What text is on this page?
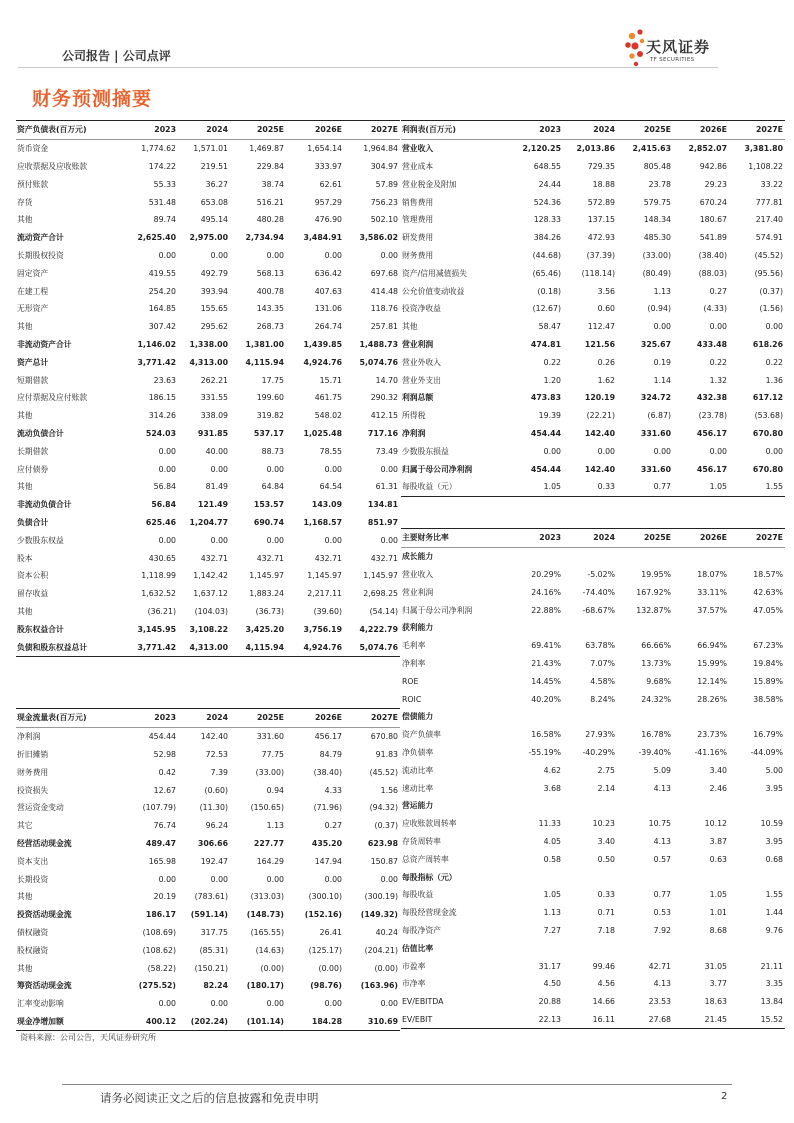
公司报告 | 公司点评	天风证券
TF SECURITIES
财务预测摘要
资产负债表(百万元)	2023	2024	2025E	2026E	2027E
货币资金	1,774.62	1,571.01	1,469.87	1,654.14	1,964.84
应收票据及应收账款	174.22	219.51	229.84	333.97	304.97
预付账款	55.33	36.27	38.74	62.61	57.89
存货	531.48	653.08	516.21	957.29	756.23
其他	89.74	495.14	480.28	476.90	502.10
流动资产合计	2,625.40	2,975.00	2,734.94	3,484.91	3,586.02
长期股权投资	0.00	0.00	0.00	0.00	0.00
固定资产	419.55	492.79	568.13	636.42	697.68
在建工程	254.20	393.94	400.78	407.63	414.48
无形资产	164.85	155.65	143.35	131.06	118.76
其他	307.42	295.62	268.73	264.74	257.81
非流动资产合计	1,146.02	1,338.00	1,381.00	1,439.85	1,488.73
资产总计	3,771.42	4,313.00	4,115.94	4,924.76	5,074.76
短期借款	23.63	262.21	17.75	15.71	14.70
应付票据及应付账款	186.15	331.55	199.60	461.75	290.32
其他	314.26	338.09	319.82	548.02	412.15
流动负债合计	524.03	931.85	537.17	1,025.48	717.16
长期借款	0.00	40.00	88.73	78.55	73.49
应付债券	0.00	0.00	0.00	0.00	0.00
其他	56.84	81.49	64.84	64.54	61.31
非流动负债合计	56.84	121.49	153.57	143.09	134.81
负债合计	625.46	1,204.77	690.74	1,168.57	851.97
少数股东权益	0.00	0.00	0.00	0.00	0.00
股本	430.65	432.71	432.71	432.71	432.71
资本公积	1,118.99	1,142.42	1,145.97	1,145.97	1,145.97
留存收益	1,632.52	1,637.12	1,883.24	2,217.11	2,698.25
其他	(36.21)	(104.03)	(36.73)	(39.60)	(54.14)
股东权益合计	3,145.95	3,108.22	3,425.20	3,756.19	4,222.79
负债和股东权益总计	3,771.42	4,313.00	4,115.94	4,924.76	5,074.76
现金流量表(百万元)	2023	2024	2025E	2026E	2027E
净利润	454.44	142.40	331.60	456.17	670.80
折旧摊销	52.98	72.53	77.75	84.79	91.83
财务费用	0.42	7.39	(33.00)	(38.40)	(45.52)
投资损失	12.67	(0.60)	0.94	4.33	1.56
营运资金变动	(107.79)	(11.30)	(150.65)	(71.96)	(94.32)
其它	76.74	96.24	1.13	0.27	(0.37)
经营活动现金流	489.47	306.66	227.77	435.20	623.98
资本支出	165.98	192.47	164.29	147.94	150.87
长期投资	0.00	0.00	0.00	0.00	0.00
其他	20.19	(783.61)	(313.03)	(300.10)	(300.19)
投资活动现金流	186.17	(591.14)	(148.73)	(152.16)	(149.32)
债权融资	(108.69)	317.75	(165.55)	26.41	40.24
股权融资	(108.62)	(85.31)	(14.63)	(125.17)	(204.21)
其他	(58.22)	(150.21)	(0.00)	(0.00)	(0.00)
筹资活动现金流	(275.52)	82.24	(180.17)	(98.76)	(163.96)
汇率变动影响	0.00	0.00	0.00	0.00	0.00
现金净增加额	400.12	(202.24)	(101.14)	184.28	310.69
利润表(百万元)	2023	2024	2025E	2026E	2027E
营业收入	2,120.25	2,013.86	2,415.63	2,852.07	3,381.80
营业成本	648.55	729.35	805.48	942.86	1,108.22
营业税金及附加	24.44	18.88	23.78	29.23	33.22
销售费用	524.36	572.89	579.75	670.24	777.81
管理费用	128.33	137.15	148.34	180.67	217.40
研发费用	384.26	472.93	485.30	541.89	574.91
财务费用	(44.68)	(37.39)	(33.00)	(38.40)	(45.52)
资产/信用减值损失	(65.46)	(118.14)	(80.49)	(88.03)	(95.56)
公允价值变动收益	(0.18)	3.56	1.13	0.27	(0.37)
投资净收益	(12.67)	0.60	(0.94)	(4.33)	(1.56)
其他	58.47	112.47	0.00	0.00	0.00
营业利润	474.81	121.56	325.67	433.48	618.26
营业外收入	0.22	0.26	0.19	0.22	0.22
营业外支出	1.20	1.62	1.14	1.32	1.36
利润总额	473.83	120.19	324.72	432.38	617.12
所得税	19.39	(22.21)	(6.87)	(23.78)	(53.68)
净利润	454.44	142.40	331.60	456.17	670.80
少数股东损益	0.00	0.00	0.00	0.00	0.00
归属于母公司净利润	454.44	142.40	331.60	456.17	670.80
每股收益（元）	1.05	0.33	0.77	1.05	1.55
主要财务比率	2023	2024	2025E	2026E	2027E
成长能力					
营业收入	20.29%	-5.02%	19.95%	18.07%	18.57%
营业利润	24.16%	-74.40%	167.92%	33.11%	42.63%
归属于母公司净利润	22.88%	-68.67%	132.87%	37.57%	47.05%
获利能力					
毛利率	69.41%	63.78%	66.66%	66.94%	67.23%
净利率	21.43%	7.07%	13.73%	15.99%	19.84%
ROE	14.45%	4.58%	9.68%	12.14%	15.89%
ROIC	40.20%	8.24%	24.32%	28.26%	38.58%
偿债能力					
资产负债率	16.58%	27.93%	16.78%	23.73%	16.79%
净负债率	-55.19%	-40.29%	-39.40%	-41.16%	-44.09%
流动比率	4.62	2.75	5.09	3.40	5.00
速动比率	3.68	2.14	4.13	2.46	3.95
营运能力					
应收账款周转率	11.33	10.23	10.75	10.12	10.59
存货周转率	4.05	3.40	4.13	3.87	3.95
总资产周转率	0.58	0.50	0.57	0.63	0.68
每股指标（元）					
每股收益	1.05	0.33	0.77	1.05	1.55
每股经营现金流	1.13	0.71	0.53	1.01	1.44
每股净资产	7.27	7.18	7.92	8.68	9.76
估值比率					
市盈率	31.17	99.46	42.71	31.05	21.11
市净率	4.50	4.56	4.13	3.77	3.35
EV/EBITDA	20.88	14.66	23.53	18.63	13.84
EV/EBIT	22.13	16.11	27.68	21.45	15.52
资料来源：公司公告，天风证券研究所
请务必阅读正文之后的信息披露和免责申明	2
